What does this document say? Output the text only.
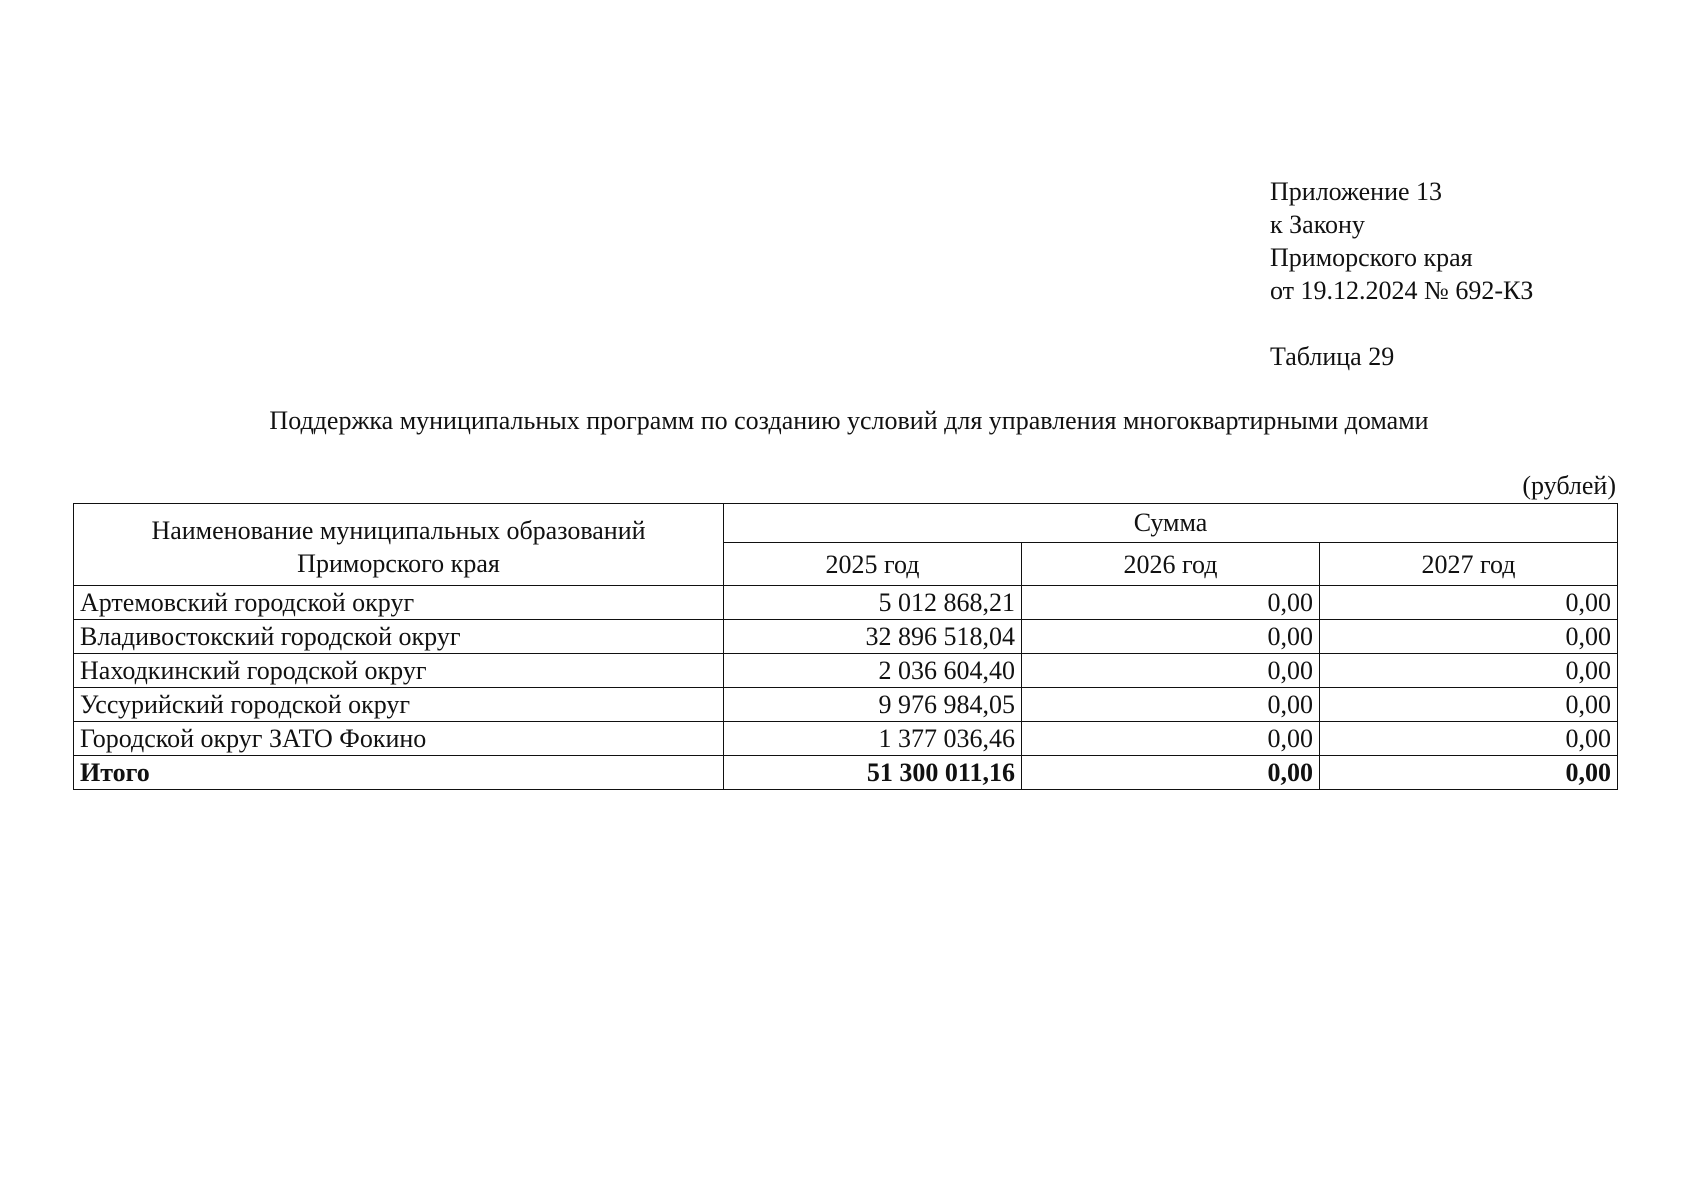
Приложение 13
к Закону
Приморского края
от 19.12.2024 № 692-КЗ
Таблица 29
Поддержка муниципальных программ по созданию условий для управления многоквартирными домами
(рублей)
Наименование муниципальных образований Приморского края	Сумма		
	2025 год	2026 год	2027 год
Артемовский городской округ	5 012 868,21	0,00	0,00
Владивостокский городской округ	32 896 518,04	0,00	0,00
Находкинский городской округ	2 036 604,40	0,00	0,00
Уссурийский городской округ	9 976 984,05	0,00	0,00
Городской округ ЗАТО Фокино	1 377 036,46	0,00	0,00
Итого	51 300 011,16	0,00	0,00
